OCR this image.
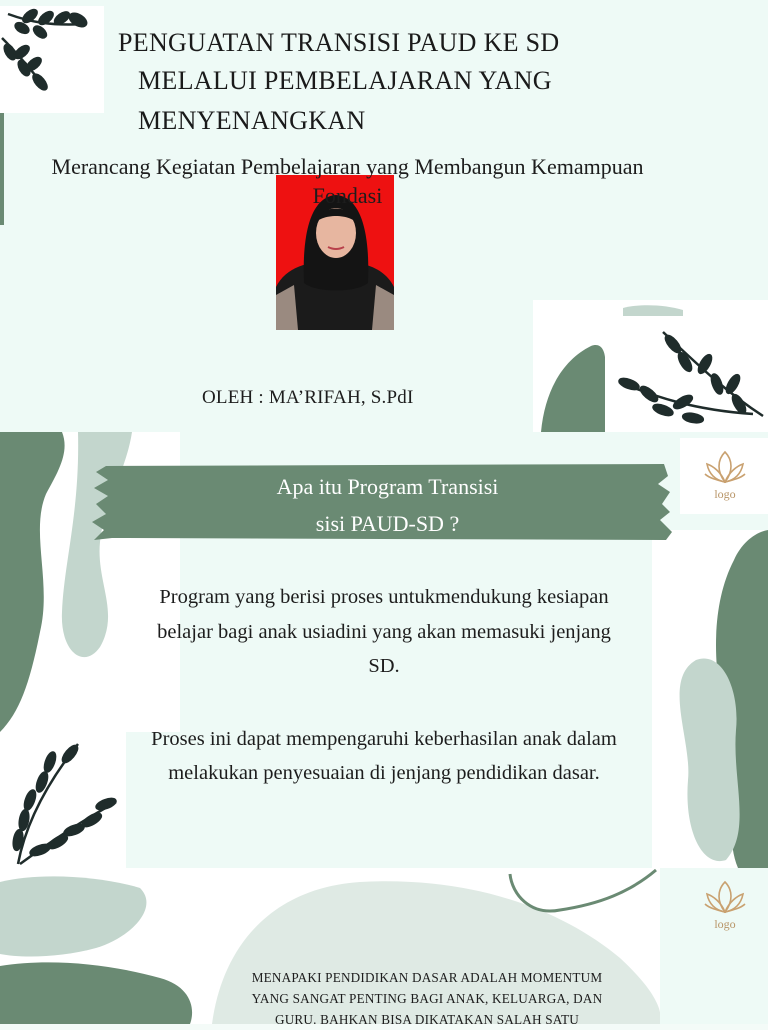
PENGUATAN TRANSISI PAUD KE SD
MELALUI PEMBELAJARAN YANG
MENYENANGKAN
Merancang Kegiatan Pembelajaran yang Membangun Kemampuan Fondasi
OLEH : MA’RIFAH, S.PdI
logo
Apa itu Program Transisi
sisi PAUD-SD ?

Program yang berisi proses untukmendukung kesiapan belajar bagi anak usiadini yang akan memasuki jenjang SD.

Proses ini dapat mempengaruhi keberhasilan anak dalam melakukan penyesuaian di jenjang pendidikan dasar.

logo
MENAPAKI PENDIDIKAN DASAR ADALAH MOMENTUM YANG SANGAT PENTING BAGI ANAK, KELUARGA, DAN GURU. BAHKAN BISA DIKATAKAN SALAH SATU
